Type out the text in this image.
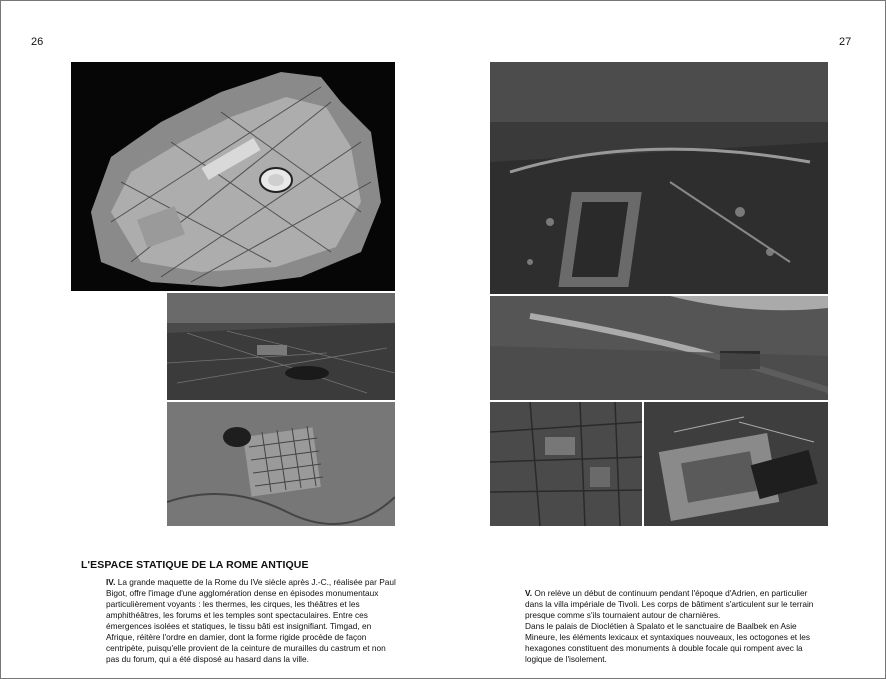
26	27
L'ESPACE STATIQUE DE LA ROME ANTIQUE

IV. La grande maquette de la Rome du IVe siècle après J.-C., réalisée par Paul Bigot, offre l'image d'une agglomération dense en épisodes monumentaux particulièrement voyants : les thermes, les cirques, les théâtres et les amphithéâtres, les forums et les temples sont spectaculaires. Entre ces émergences isolées et statiques, le tissu bâti est insignifiant. Timgad, en Afrique, réitère l'ordre en damier, dont la forme rigide procède de façon centripète, puisqu'elle provient de la ceinture de murailles du castrum et non pas du forum, qui a été disposé au hasard dans la ville.

V. On relève un début de continuum pendant l'époque d'Adrien, en particulier dans la villa impériale de Tivoli. Les corps de bâtiment s'articulent sur le terrain presque comme s'ils tournaient autour de charnières.

Dans le palais de Dioclétien à Spalato et le sanctuaire de Baalbek en Asie Mineure, les éléments lexicaux et syntaxiques nouveaux, les octogones et les hexagones constituent des monuments à double focale qui rompent avec la logique de l'isolement.
